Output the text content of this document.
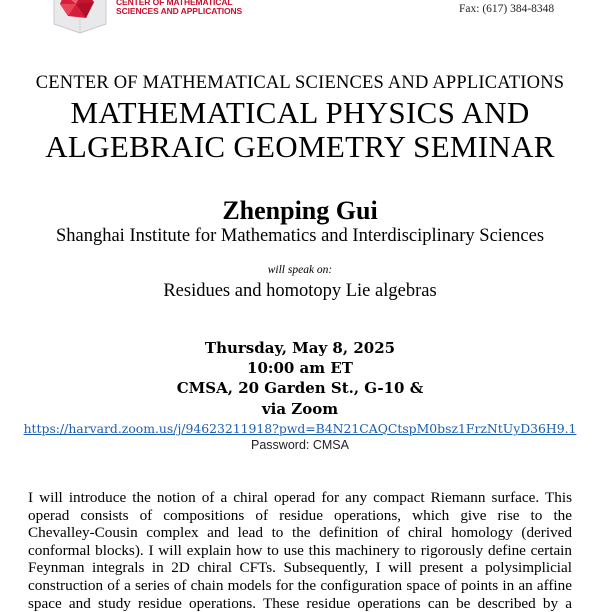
CENTER OF MATHEMATICAL
SCIENCES AND APPLICATIONS	Fax: (617) 384-8348
CENTER OF MATHEMATICAL SCIENCES AND APPLICATIONS
MATHEMATICAL PHYSICS AND
ALGEBRAIC GEOMETRY SEMINAR
Zhenping Gui
Shanghai Institute for Mathematics and Interdisciplinary Sciences
will speak on:
Residues and homotopy Lie algebras
Thursday, May 8, 2025
10:00 am ET
CMSA, 20 Garden St., G-10 &
via Zoom
https://harvard.zoom.us/j/94623211918?pwd=B4N21CAQCtspM0bsz1FrzNtUyD36H9.1
Password: CMSA
I will introduce the notion of a chiral operad for any compact Riemann surface. This
operad consists of compositions of residue operations, which give rise to the
Chevalley-Cousin complex and lead to the definition of chiral homology (derived
conformal blocks). I will explain how to use this machinery to rigorously define certain
Feynman integrals in 2D chiral CFTs. Subsequently, I will present a polysimplicial
construction of a series of chain models for the configuration space of points in an affine
space and study residue operations. These residue operations can be described by a
